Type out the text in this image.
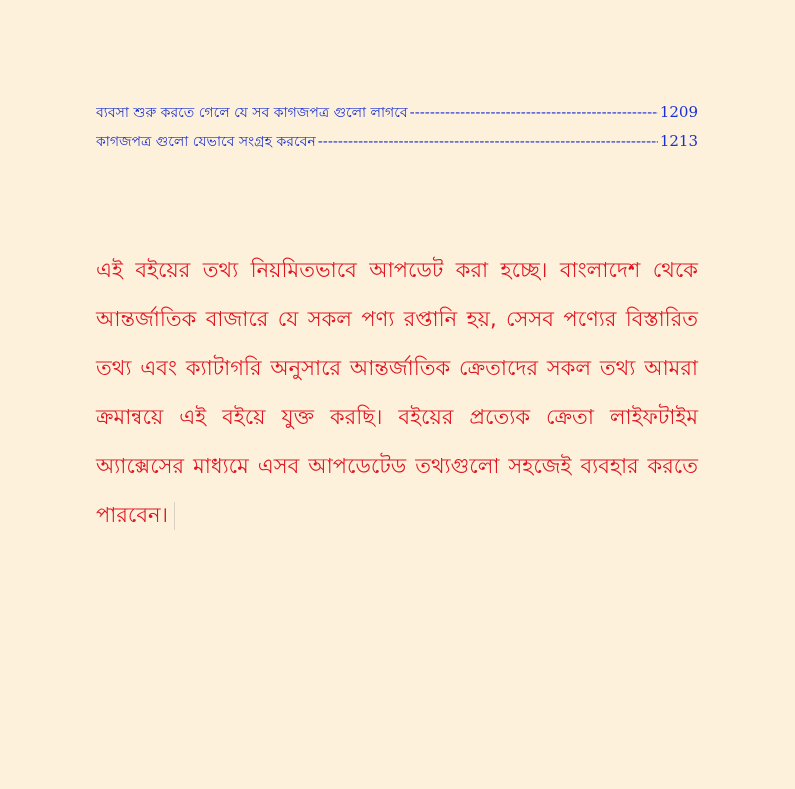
ব্যবসা শুরু করতে গেলে যে সব কাগজপত্র গুলো লাগবে -----	1209
কাগজপত্র গুলো যেভাবে সংগ্রহ করবেন -----	1213
এই বইয়ের তথ্য নিয়মিতভাবে আপডেট করা হচ্ছে। বাংলাদেশ থেকে আন্তর্জাতিক বাজারে যে সকল পণ্য রপ্তানি হয়, সেসব পণ্যের বিস্তারিত তথ্য এবং ক্যাটাগরি অনুসারে আন্তর্জাতিক ক্রেতাদের সকল তথ্য আমরা ক্রমান্বয়ে এই বইয়ে যুক্ত করছি। বইয়ের প্রত্যেক ক্রেতা লাইফটাইম অ্যাক্সেসের মাধ্যমে এসব আপডেটেড তথ্যগুলো সহজেই ব্যবহার করতে পারবেন।
